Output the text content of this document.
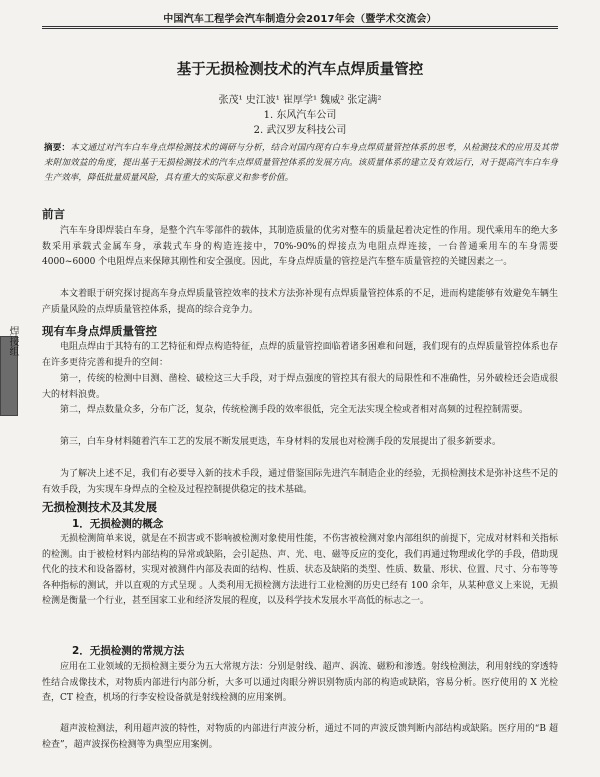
中国汽车工程学会汽车制造分会2017年会（暨学术交流会）
基于无损检测技术的汽车点焊质量管控
张茂¹ 史江波¹ 崔厚学¹ 魏威² 张定满²
1. 东风汽车公司
2. 武汉罗友科技公司
摘要：本文通过对汽车白车身点焊检测技术的调研与分析，结合对国内现有白车身点焊质量管控体系的思考，从检测技术的应用及其带来附加效益的角度，提出基于无损检测技术的汽车点焊质量管控体系的发展方向。该质量体系的建立及有效运行，对于提高汽车白车身生产效率，降低批量质量风险，具有重大的实际意义和参考价值。
焊接组
前言
汽车车身即焊装白车身，是整个汽车零部件的载体，其制造质量的优劣对整车的质量起着决定性的作用。现代乘用车的绝大多数采用承载式金属车身，承载式车身的构造连接中，70%-90%的焊接点为电阻点焊连接，一台普通乘用车的车身需要 4000~6000 个电阻焊点来保障其刚性和安全强度。因此，车身点焊质量的管控是汽车整车质量管控的关键因素之一。
本文着眼于研究探讨提高车身点焊质量管控效率的技术方法弥补现有点焊质量管控体系的不足，进而构建能够有效避免车辆生产质量风险的点焊质量管控体系，提高的综合竞争力。
现有车身点焊质量管控
电阻点焊由于其特有的工艺特征和焊点构造特征，点焊的质量管控面临着诸多困难和问题，我们现有的点焊质量管控体系也存在许多更待完善和提升的空间：
第一，传统的检测中目测、凿检、破检这三大手段，对于焊点强度的管控其有很大的局限性和不准确性，另外破检还会造成很大的材料浪费。
第二，焊点数量众多，分布广泛，复杂，传统检测手段的效率很低，完全无法实现全检或者相对高频的过程控制需要。
第三，白车身材料随着汽车工艺的发展不断发展更迭，车身材料的发展也对检测手段的发展提出了很多新要求。
为了解决上述不足，我们有必要导入新的技术手段，通过借鉴国际先进汽车制造企业的经验，无损检测技术是弥补这些不足的有效手段，为实现车身焊点的全检及过程控制提供稳定的技术基础。
无损检测技术及其发展
1．无损检测的概念
无损检测简单来说，就是在不损害或不影响被检测对象使用性能，不伤害被检测对象内部组织的前提下，完成对材料和关指标的检测。由于被检材料内部结构的异常或缺陷，会引起热、声、光、电、磁等反应的变化，我们再通过物理或化学的手段，借助现代化的技术和设备器材，实现对被测件内部及表面的结构、性质、状态及缺陷的类型、性质、数量、形状、位置、尺寸、分布等等各种指标的测试，并以直观的方式呈现 。人类利用无损检测方法进行工业检测的历史已经有 100 余年，从某种意义上来说，无损检测是衡量一个行业，甚至国家工业和经济发展的程度，以及科学技术发展水平高低的标志之一。
2．无损检测的常规方法
应用在工业领域的无损检测主要分为五大常规方法：分别是射线、超声、涡流、磁粉和渗透。射线检测法，利用射线的穿透特性结合成像技术，对物质内部进行内部分析，大多可以通过肉眼分辨识别物质内部的构造或缺陷，容易分析。医疗使用的 X 光检查，CT 检查，机场的行李安检设备就是射线检测的应用案例。
超声波检测法，利用超声波的特性，对物质的内部进行声波分析，通过不同的声波反馈判断内部结构或缺陷。医疗用的“B 超检查”，超声波探伤检测等为典型应用案例。
